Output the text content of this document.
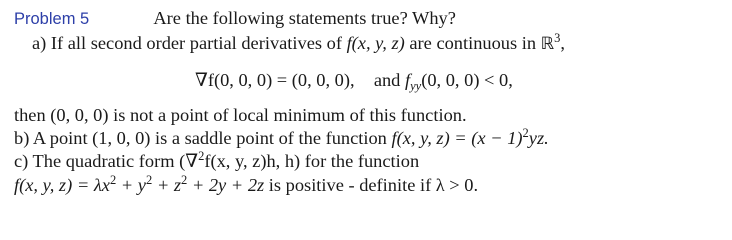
Problem 5	Are the following statements true? Why?
a) If all second order partial derivatives of f(x, y, z) are continuous in ℝ$^3$,
∇f(0, 0, 0) = (0, 0, 0), and $f_{yy}(0$, 0, 0) < 0,
then (0, 0, 0) is not a point of local minimum of this function.
b) A point (1, 0, 0) is a saddle point of the function f(x, y, $z) = (x - 1)^2yz$.
c) The quadratic form (∇$^2$f(x, y, z)h, h) for the function
f(x, y, $z) = \lambda x^2 + y^2 + z^2 + 2y + 2z$ is positive - definite if λ > 0.
